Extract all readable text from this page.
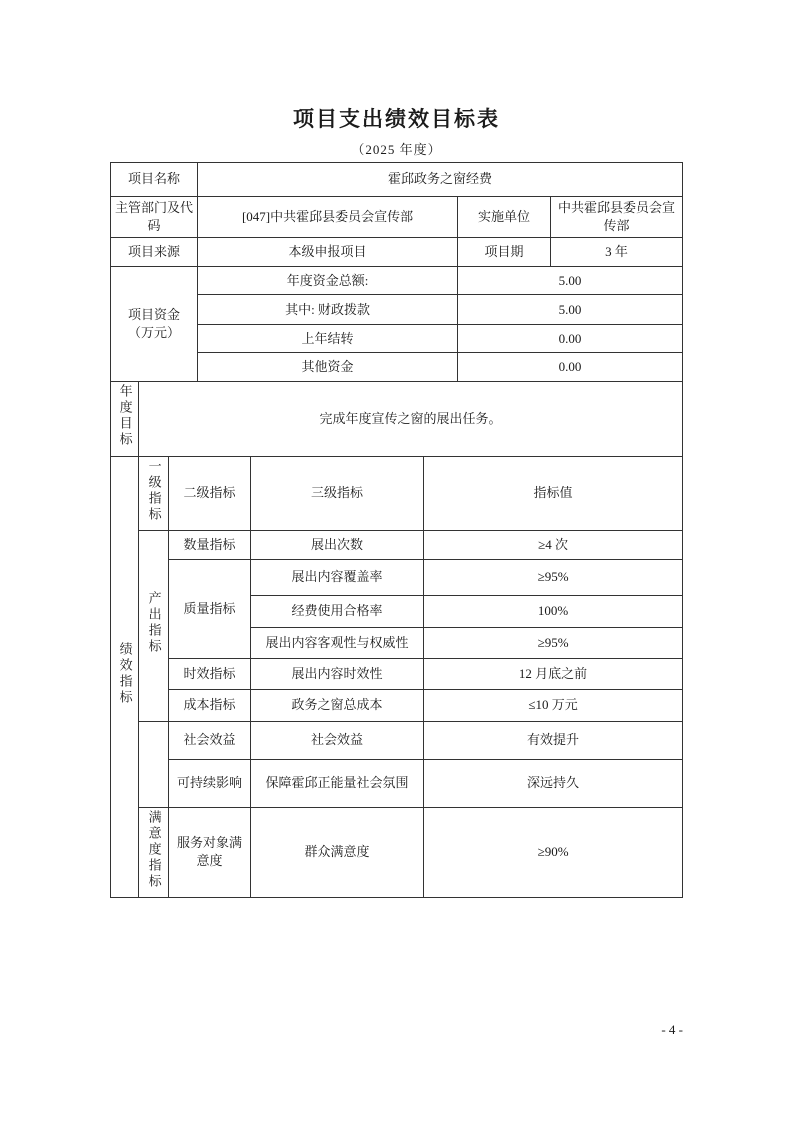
项目支出绩效目标表
（2025 年度）
项目名称			霍邱政务之窗经费				
主管部门及代码			[047]中共霍邱县委员会宣传部			实施单位	中共霍邱县委员会宣传部
项目来源			本级申报项目			项目期	3 年

项目资金
（万元）			年度资金总额:			5.00	
			其中: 财政拨款			5.00	
			上年结转			0.00	
			其他资金			0.00	
年度目标	完成年度宣传之窗的展出任务。						
绩效指标	一级指标	二级指标		三级指标	指标值		
	产出指标	数量指标		展出次数	≥4 次		
		质量指标		展出内容覆盖率	≥95%		
				经费使用合格率	100%		
				展出内容客观性与权威性	≥95%		
		时效指标		展出内容时效性	12 月底之前		
		成本指标		政务之窗总成本	≤10 万元		
		社会效益		社会效益	有效提升		
		可持续影响		保障霍邱正能量社会氛围	深远持久		
	满意度指标	服务对象满意度		群众满意度	≥90%		
- 4 -
